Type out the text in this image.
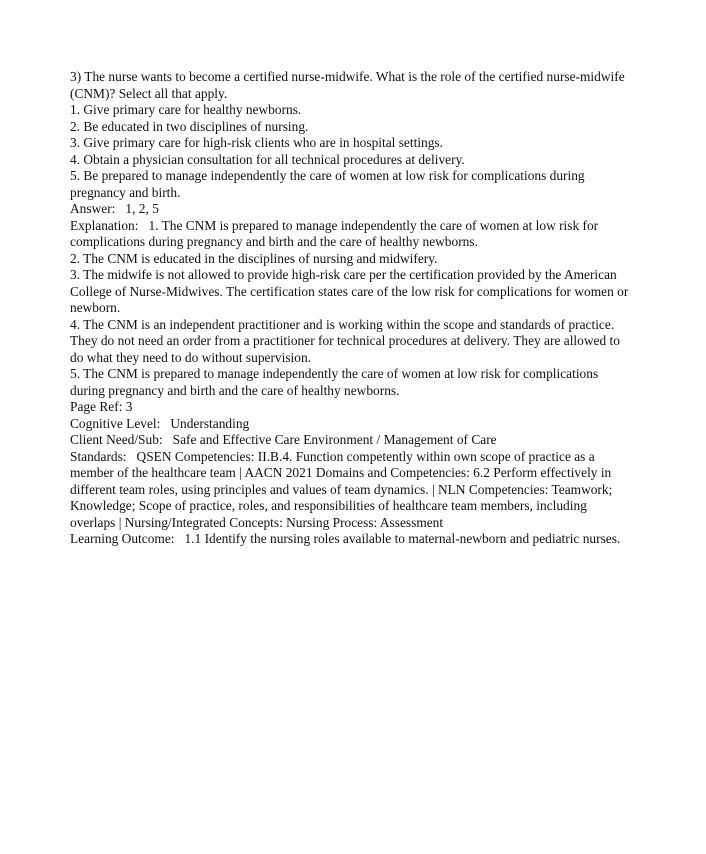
3) The nurse wants to become a certified nurse-midwife. What is the role of the certified nurse-midwife (CNM)? Select all that apply.

1. Give primary care for healthy newborns.

2. Be educated in two disciplines of nursing.

3. Give primary care for high-risk clients who are in hospital settings.

4. Obtain a physician consultation for all technical procedures at delivery.

5. Be prepared to manage independently the care of women at low risk for complications during pregnancy and birth.

Answer: 1, 2, 5

Explanation: 1. The CNM is prepared to manage independently the care of women at low risk for complications during pregnancy and birth and the care of healthy newborns.

2. The CNM is educated in the disciplines of nursing and midwifery.

3. The midwife is not allowed to provide high-risk care per the certification provided by the American College of Nurse-Midwives. The certification states care of the low risk for complications for women or newborn.

4. The CNM is an independent practitioner and is working within the scope and standards of practice. They do not need an order from a practitioner for technical procedures at delivery. They are allowed to do what they need to do without supervision.

5. The CNM is prepared to manage independently the care of women at low risk for complications during pregnancy and birth and the care of healthy newborns.

Page Ref: 3

Cognitive Level: Understanding

Client Need/Sub: Safe and Effective Care Environment / Management of Care

Standards: QSEN Competencies: II.B.4. Function competently within own scope of practice as a member of the healthcare team | AACN 2021 Domains and Competencies: 6.2 Perform effectively in different team roles, using principles and values of team dynamics. | NLN Competencies: Teamwork; Knowledge; Scope of practice, roles, and responsibilities of healthcare team members, including overlaps | Nursing/Integrated Concepts: Nursing Process: Assessment

Learning Outcome: 1.1 Identify the nursing roles available to maternal-newborn and pediatric nurses.
